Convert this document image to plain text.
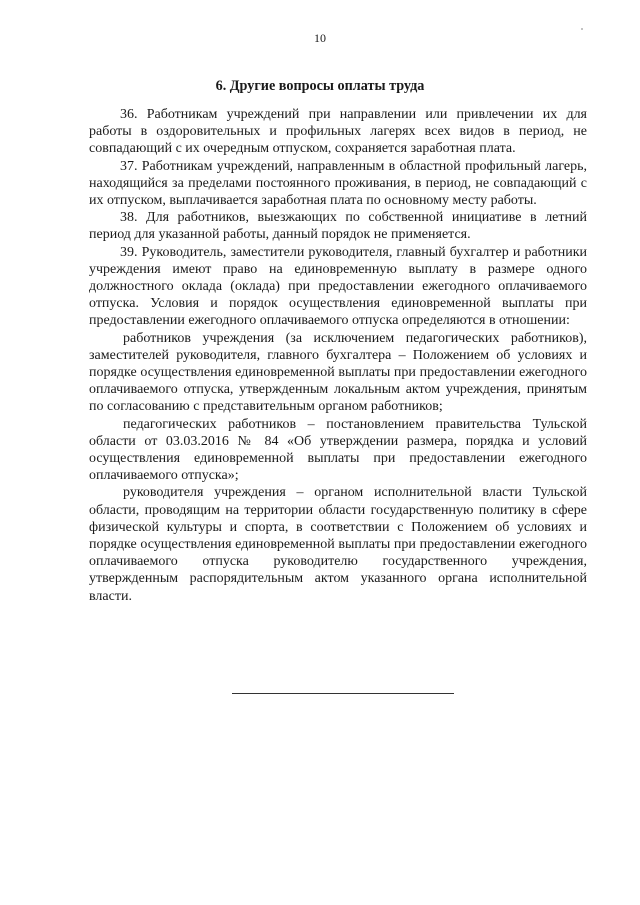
10
6. Другие вопросы оплаты труда

36. Работникам учреждений при направлении или привлечении их для работы в оздоровительных и профильных лагерях всех видов в период, не совпадающий с их очередным отпуском, сохраняется заработная плата.

37. Работникам учреждений, направленным в областной профильный лагерь, находящийся за пределами постоянного проживания, в период, не совпадающий с их отпуском, выплачивается заработная плата по основному месту работы.

38. Для работников, выезжающих по собственной инициативе в летний период для указанной работы, данный порядок не применяется.

39. Руководитель, заместители руководителя, главный бухгалтер и работники учреждения имеют право на единовременную выплату в размере одного должностного оклада (оклада) при предоставлении ежегодного оплачиваемого отпуска. Условия и порядок осуществления единовременной выплаты при предоставлении ежегодного оплачиваемого отпуска определяются в отношении:

работников учреждения (за исключением педагогических работников), заместителей руководителя, главного бухгалтера – Положением об условиях и порядке осуществления единовременной выплаты при предоставлении ежегодного оплачиваемого отпуска, утвержденным локальным актом учреждения, принятым по согласованию с представительным органом работников;

педагогических работников – постановлением правительства Тульской области от 03.03.2016 № 84 «Об утверждении размера, порядка и условий осуществления единовременной выплаты при предоставлении ежегодного оплачиваемого отпуска»;

руководителя учреждения – органом исполнительной власти Тульской области, проводящим на территории области государственную политику в сфере физической культуры и спорта, в соответствии с Положением об условиях и порядке осуществления единовременной выплаты при предоставлении ежегодного оплачиваемого отпуска руководителю государственного учреждения, утвержденным распорядительным актом указанного органа исполнительной власти.
